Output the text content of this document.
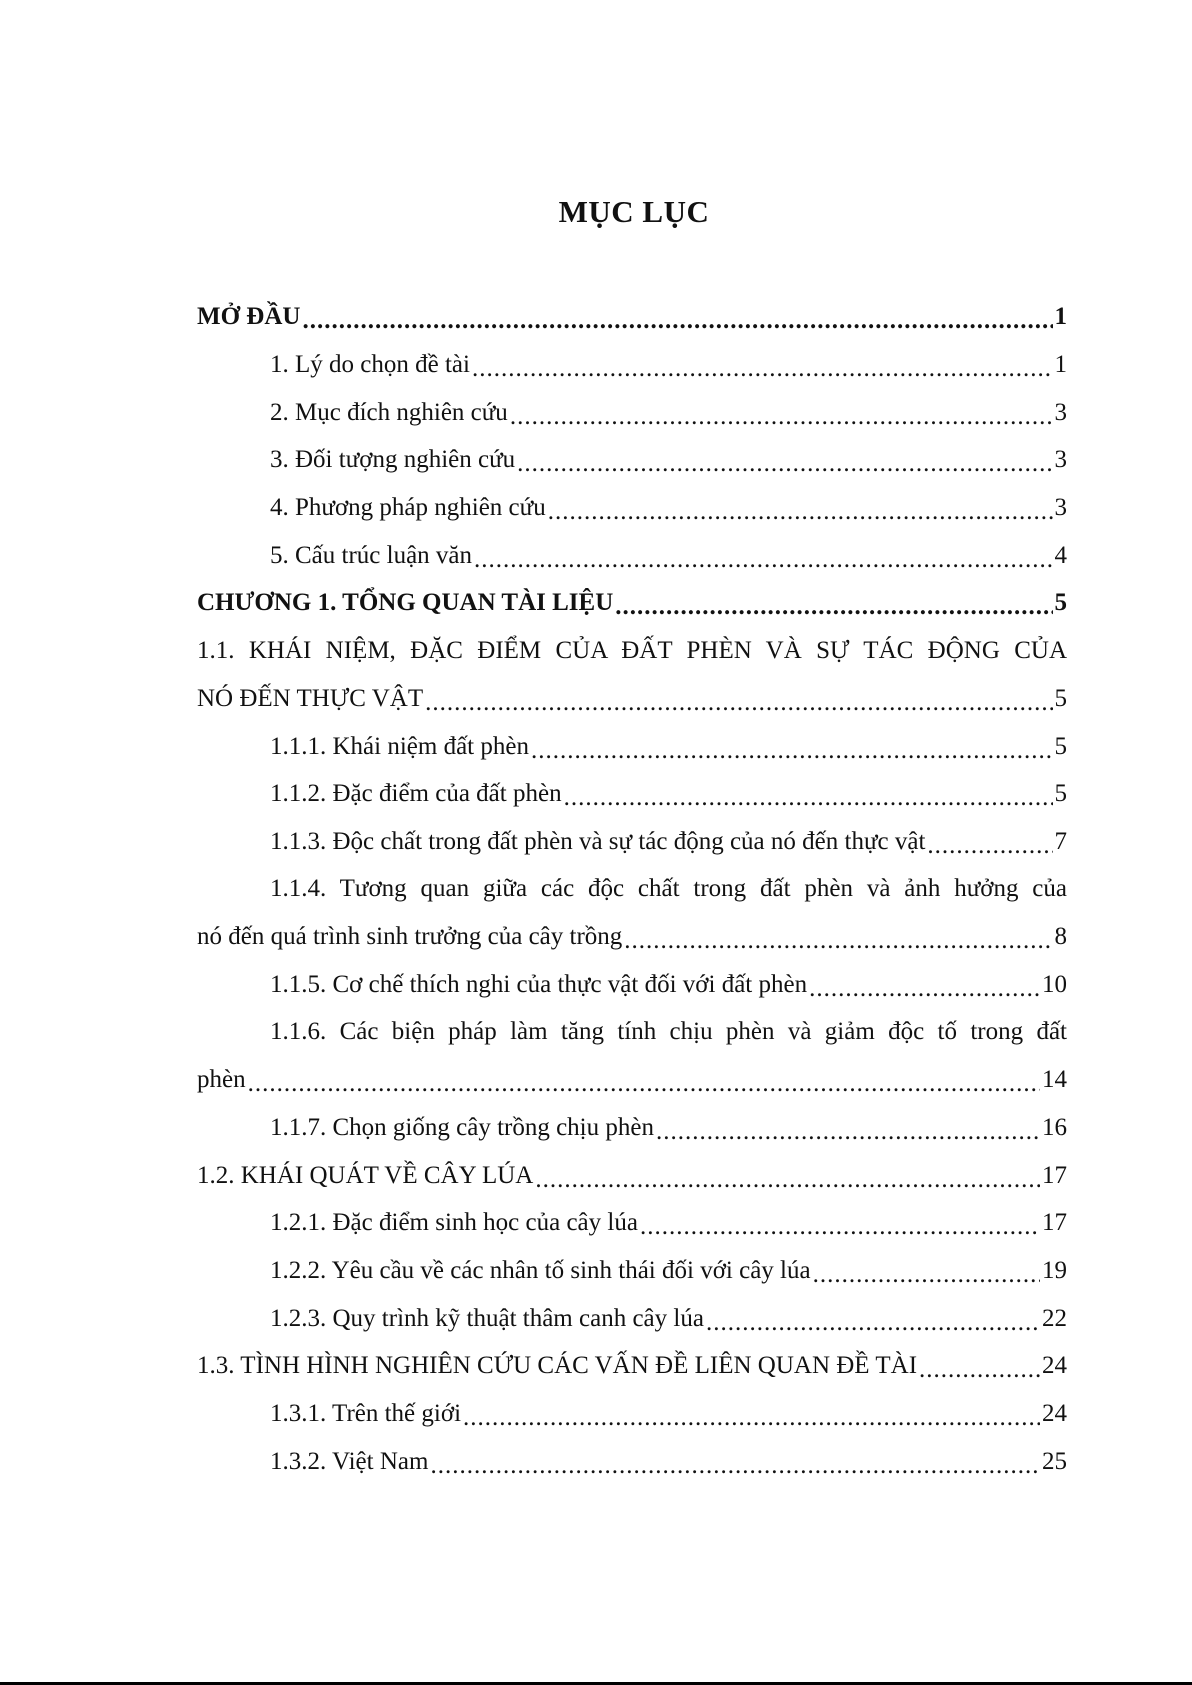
MỤC LỤC
MỞ ĐẦU .....	1
1. Lý do chọn đề tài .....	1
2. Mục đích nghiên cứu .....	3
3. Đối tượng nghiên cứu .....	3
4. Phương pháp nghiên cứu .....	3
5. Cấu trúc luận văn .....	4
CHƯƠNG 1. TỔNG QUAN TÀI LIỆU .....	5
1.1. KHÁI NIỆM, ĐẶC ĐIỂM CỦA ĐẤT PHÈN VÀ SỰ TÁC ĐỘNG CỦA
NÓ ĐẾN THỰC VẬT .....	5
1.1.1. Khái niệm đất phèn .....	5
1.1.2. Đặc điểm của đất phèn .....	5
1.1.3. Độc chất trong đất phèn và sự tác động của nó đến thực vật .....	7
1.1.4. Tương quan giữa các độc chất trong đất phèn và ảnh hưởng của
nó đến quá trình sinh trưởng của cây trồng .....	8
1.1.5. Cơ chế thích nghi của thực vật đối với đất phèn .....	10
1.1.6. Các biện pháp làm tăng tính chịu phèn và giảm độc tố trong đất
phèn .....	14
1.1.7. Chọn giống cây trồng chịu phèn .....	16
1.2. KHÁI QUÁT VỀ CÂY LÚA .....	17
1.2.1. Đặc điểm sinh học của cây lúa .....	17
1.2.2. Yêu cầu về các nhân tố sinh thái đối với cây lúa .....	19
1.2.3. Quy trình kỹ thuật thâm canh cây lúa .....	22
1.3. TÌNH HÌNH NGHIÊN CỨU CÁC VẤN ĐỀ LIÊN QUAN ĐỀ TÀI .....	24
1.3.1. Trên thế giới .....	24
1.3.2. Việt Nam .....	25
